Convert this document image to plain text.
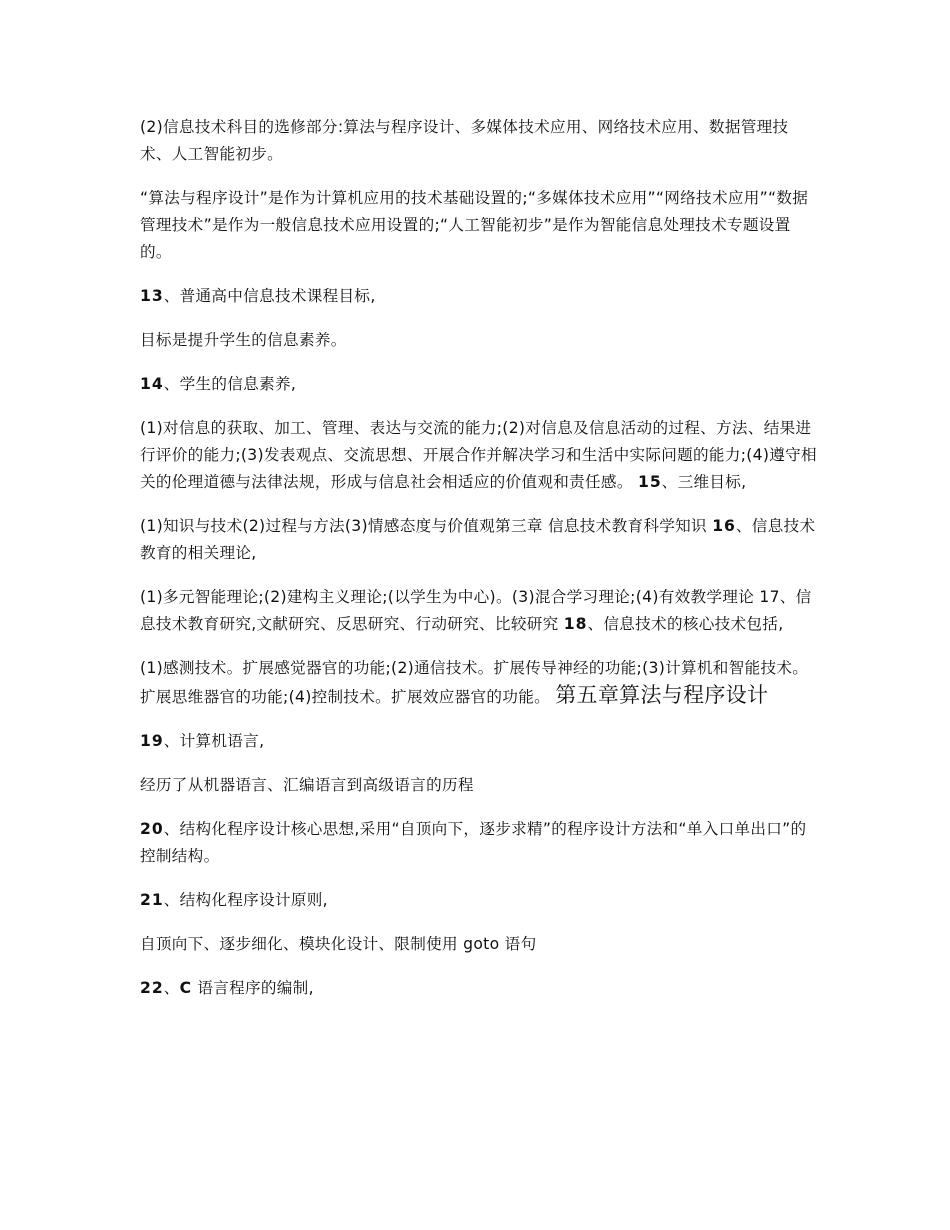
(2)信息技术科目的选修部分:算法与程序设计、多媒体技术应用、网络技术应用、数据管理技术、人工智能初步。

“算法与程序设计”是作为计算机应用的技术基础设置的;“多媒体技术应用”“网络技术应用”“数据管理技术”是作为一般信息技术应用设置的;“人工智能初步”是作为智能信息处理技术专题设置的。

13、普通高中信息技术课程目标,

目标是提升学生的信息素养。

14、学生的信息素养,

(1)对信息的获取、加工、管理、表达与交流的能力;(2)对信息及信息活动的过程、方法、结果进行评价的能力;(3)发表观点、交流思想、开展合作并解决学习和生活中实际问题的能力;(4)遵守相关的伦理道德与法律法规，形成与信息社会相适应的价值观和责任感。 15、三维目标,

(1)知识与技术(2)过程与方法(3)情感态度与价值观第三章 信息技术教育科学知识 16、信息技术教育的相关理论,

(1)多元智能理论;(2)建构主义理论;(以学生为中心)。(3)混合学习理论;(4)有效教学理论 17、信息技术教育研究,文献研究、反思研究、行动研究、比较研究 18、信息技术的核心技术包括,

(1)感测技术。扩展感觉器官的功能;(2)通信技术。扩展传导神经的功能;(3)计算机和智能技术。扩展思维器官的功能;(4)控制技术。扩展效应器官的功能。 第五章算法与程序设计

19、计算机语言,

经历了从机器语言、汇编语言到高级语言的历程

20、结构化程序设计核心思想,采用“自顶向下，逐步求精”的程序设计方法和“单入口单出口”的控制结构。

21、结构化程序设计原则,

自顶向下、逐步细化、模块化设计、限制使用 goto 语句

22、C 语言程序的编制,
